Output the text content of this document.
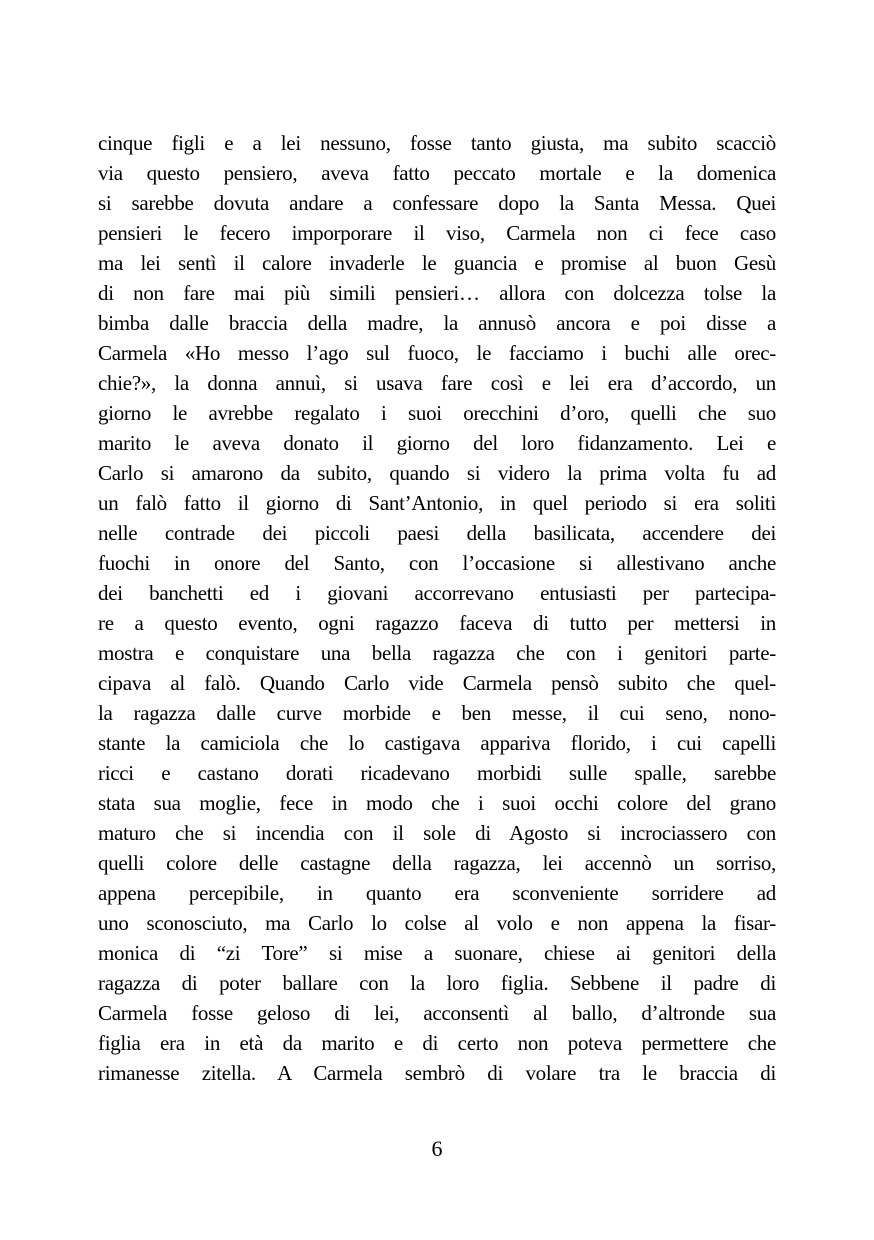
cinque figli e a lei nessuno, fosse tanto giusta, ma subito scacciò
via questo pensiero, aveva fatto peccato mortale e la domenica
si sarebbe dovuta andare a confessare dopo la Santa Messa. Quei
pensieri le fecero imporporare il viso, Carmela non ci fece caso
ma lei sentì il calore invaderle le guancia e promise al buon Gesù
di non fare mai più simili pensieri… allora con dolcezza tolse la
bimba dalle braccia della madre, la annusò ancora e poi disse a
Carmela «Ho messo l’ago sul fuoco, le facciamo i buchi alle orec-
chie?», la donna annuì, si usava fare così e lei era d’accordo, un
giorno le avrebbe regalato i suoi orecchini d’oro, quelli che suo
marito le aveva donato il giorno del loro fidanzamento. Lei e
Carlo si amarono da subito, quando si videro la prima volta fu ad
un falò fatto il giorno di Sant’Antonio, in quel periodo si era soliti
nelle contrade dei piccoli paesi della basilicata, accendere dei
fuochi in onore del Santo, con l’occasione si allestivano anche
dei banchetti ed i giovani accorrevano entusiasti per partecipa-
re a questo evento, ogni ragazzo faceva di tutto per mettersi in
mostra e conquistare una bella ragazza che con i genitori parte-
cipava al falò. Quando Carlo vide Carmela pensò subito che quel-
la ragazza dalle curve morbide e ben messe, il cui seno, nono-
stante la camiciola che lo castigava appariva florido, i cui capelli
ricci e castano dorati ricadevano morbidi sulle spalle, sarebbe
stata sua moglie, fece in modo che i suoi occhi colore del grano
maturo che si incendia con il sole di Agosto si incrociassero con
quelli colore delle castagne della ragazza, lei accennò un sorriso,
appena percepibile, in quanto era sconveniente sorridere ad
uno sconosciuto, ma Carlo lo colse al volo e non appena la fisar-
monica di “zi Tore” si mise a suonare, chiese ai genitori della
ragazza di poter ballare con la loro figlia. Sebbene il padre di
Carmela fosse geloso di lei, acconsentì al ballo, d’altronde sua
figlia era in età da marito e di certo non poteva permettere che
rimanesse zitella. A Carmela sembrò di volare tra le braccia di
6
